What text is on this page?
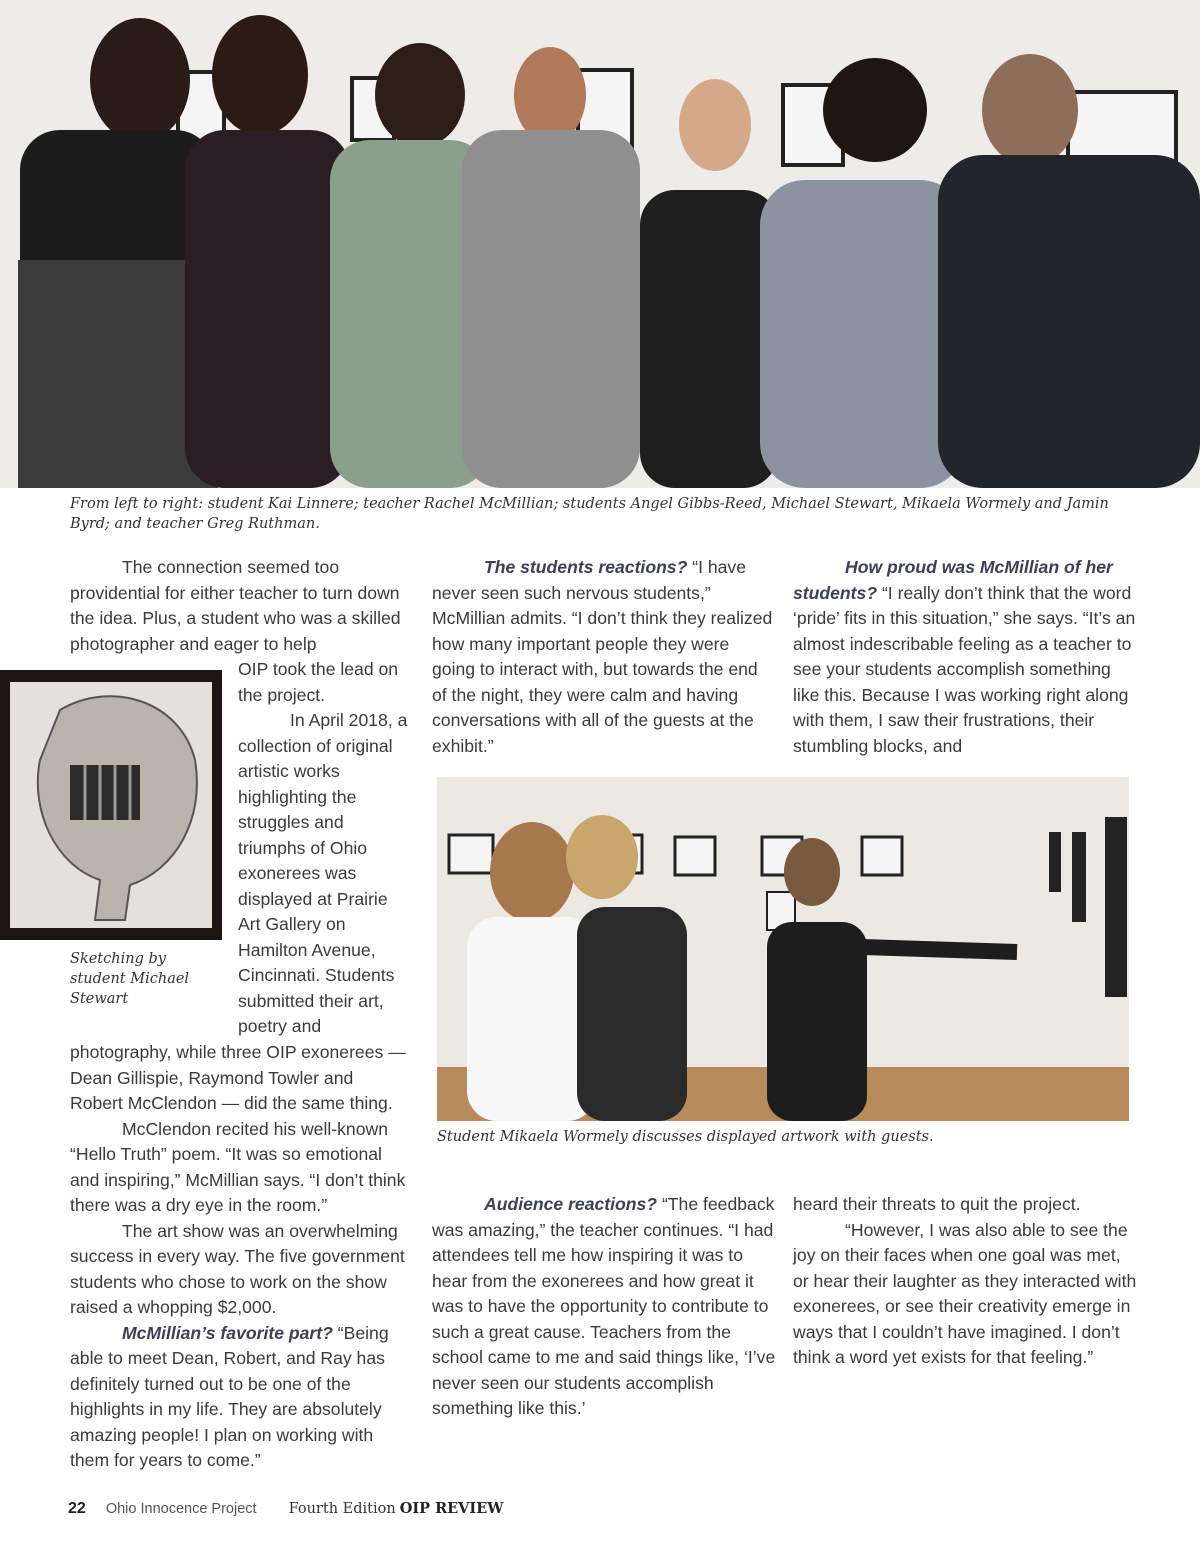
From left to right: student Kai Linnere; teacher Rachel McMillian; students Angel Gibbs-Reed, Michael Stewart, Mikaela Wormely and Jamin Byrd; and teacher Greg Ruthman.
Sketching by student Michael Stewart
Student Mikaela Wormely discusses displayed artwork with guests.

The connection seemed too providential for either teacher to turn down the idea. Plus, a student who was a skilled photographer and eager to help

OIP took the lead on the project.

In April 2018, a collection of original artistic works highlighting the struggles and triumphs of Ohio exonerees was displayed at Prairie Art Gallery on Hamilton Avenue, Cincinnati. Students submitted their art, poetry and

photography, while three OIP exonerees — Dean Gillispie, Raymond Towler and Robert McClendon — did the same thing.

McClendon recited his well-known “Hello Truth” poem. “It was so emotional and inspiring,” McMillian says. “I don’t think there was a dry eye in the room.”

The art show was an overwhelming success in every way. The five government students who chose to work on the show raised a whopping $2,000.

McMillian’s favorite part? “Being able to meet Dean, Robert, and Ray has definitely turned out to be one of the highlights in my life. They are absolutely amazing people! I plan on working with them for years to come.”

The students reactions? “I have never seen such nervous students,” McMillian admits. “I don’t think they realized how many important people they were going to interact with, but towards the end of the night, they were calm and having conversations with all of the guests at the exhibit.”

How proud was McMillian of her students? “I really don’t think that the word ‘pride’ fits in this situation,” she says. “It’s an almost indescribable feeling as a teacher to see your students accomplish something like this. Because I was working right along with them, I saw their frustrations, their stumbling blocks, and

Audience reactions? “The feedback was amazing,” the teacher continues. “I had attendees tell me how inspiring it was to hear from the exonerees and how great it was to have the opportunity to contribute to such a great cause. Teachers from the school came to me and said things like, ‘I’ve never seen our students accomplish something like this.’

heard their threats to quit the project.

“However, I was also able to see the joy on their faces when one goal was met, or hear their laughter as they interacted with exonerees, or see their creativity emerge in ways that I couldn’t have imagined. I don’t think a word yet exists for that feeling.”

22 Ohio Innocence Project Fourth Edition OIP REVIEW
